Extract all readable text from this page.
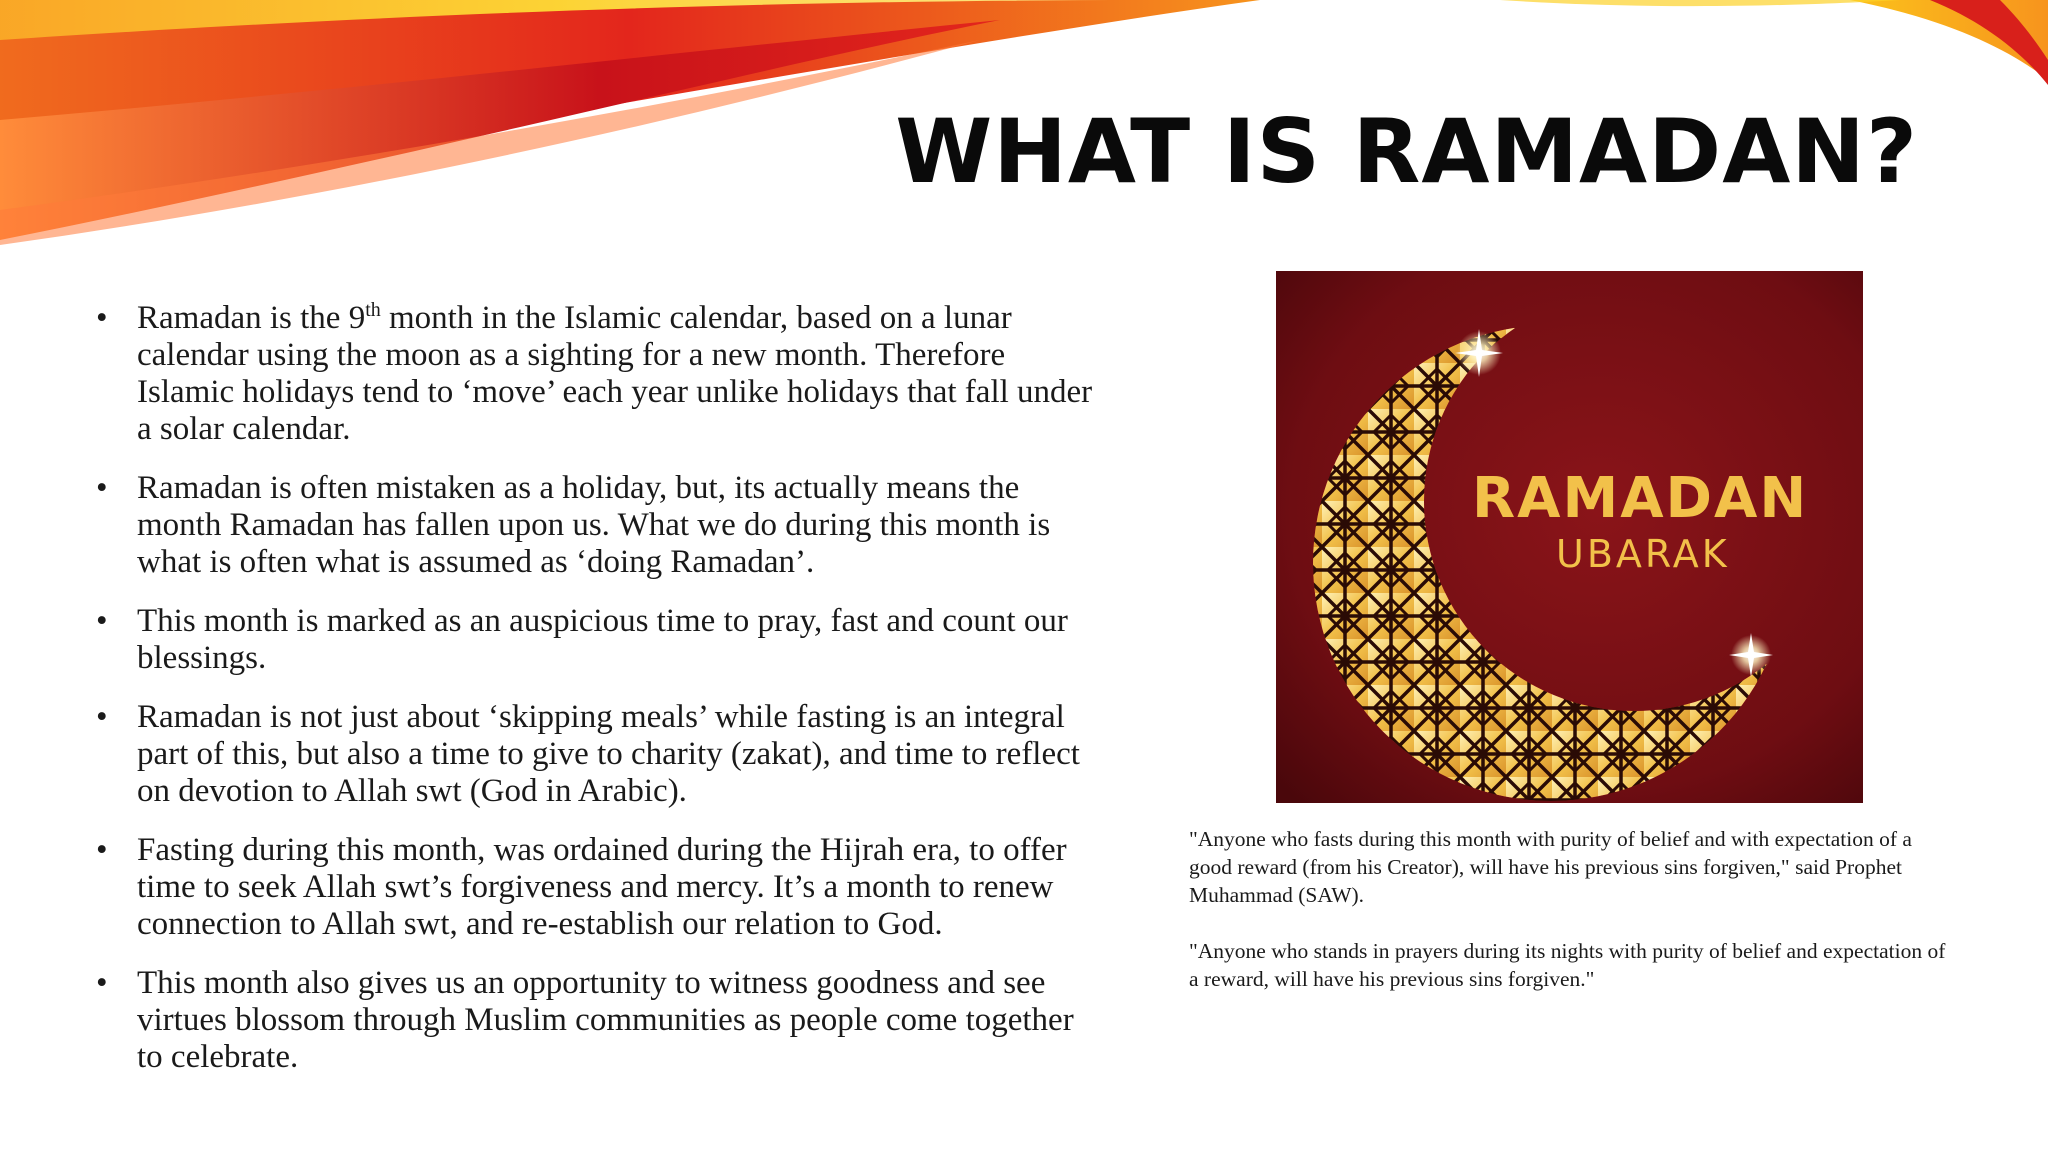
WHAT IS RAMADAN?
• Ramadan is the 9th month in the Islamic calendar, based on a lunar calendar using the moon as a sighting for a new month. Therefore Islamic holidays tend to ‘move’ each year unlike holidays that fall under a solar calendar.
• Ramadan is often mistaken as a holiday, but, its actually means the month Ramadan has fallen upon us. What we do during this month is what is often what is assumed as ‘doing Ramadan’.
• This month is marked as an auspicious time to pray, fast and count our blessings.
• Ramadan is not just about ‘skipping meals’ while fasting is an integral part of this, but also a time to give to charity (zakat), and time to reflect on devotion to Allah swt (God in Arabic).
• Fasting during this month, was ordained during the Hijrah era, to offer time to seek Allah swt’s forgiveness and mercy. It’s a month to renew connection to Allah swt, and re-establish our relation to God.
• This month also gives us an opportunity to witness goodness and see virtues blossom through Muslim communities as people come together to celebrate.
RAMADAN
UBARAK

"Anyone who fasts during this month with purity of belief and with expectation of a good reward (from his Creator), will have his previous sins forgiven," said Prophet Muhammad (SAW).

"Anyone who stands in prayers during its nights with purity of belief and expectation of a reward, will have his previous sins forgiven."
